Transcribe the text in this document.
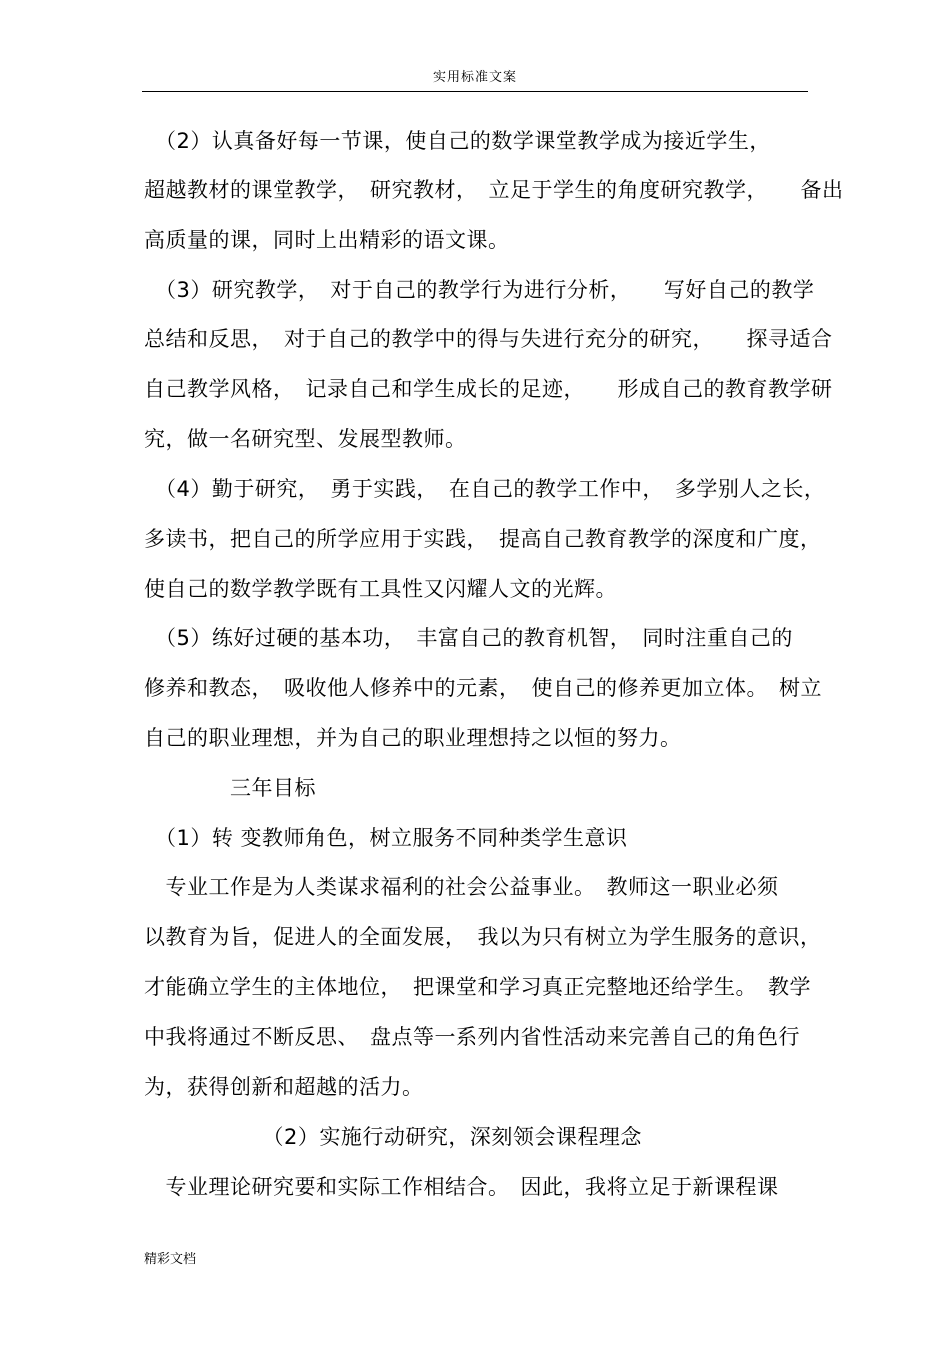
实用标准文案
　（2）认真备好每一节课，使自己的数学课堂教学成为接近学生，
超越教材的课堂教学，　研究教材，　立足于学生的角度研究教学，　　备出
高质量的课，同时上出精彩的语文课。
　（3）研究教学，　对于自己的教学行为进行分析，　　写好自己的教学
总结和反思，　对于自己的教学中的得与失进行充分的研究，　　探寻适合
自己教学风格，　记录自己和学生成长的足迹，　　形成自己的教育教学研
究，做一名研究型、发展型教师。
　（4）勤于研究，　勇于实践，　在自己的教学工作中，　多学别人之长，
多读书，把自己的所学应用于实践，　提高自己教育教学的深度和广度，
使自己的数学教学既有工具性又闪耀人文的光辉。
　（5）练好过硬的基本功，　丰富自己的教育机智，　同时注重自己的
修养和教态，　吸收他人修养中的元素，　使自己的修养更加立体。　树立
自己的职业理想，并为自己的职业理想持之以恒的努力。
　　　　三年目标
　（1）转 变教师角色，树立服务不同种类学生意识
　专业工作是为人类谋求福利的社会公益事业。　教师这一职业必须
以教育为旨，促进人的全面发展，　我以为只有树立为学生服务的意识，
才能确立学生的主体地位，　把课堂和学习真正完整地还给学生。　教学
中我将通过不断反思、　盘点等一系列内省性活动来完善自己的角色行
为，获得创新和超越的活力。
　　　　　　（2）实施行动研究，深刻领会课程理念
　专业理论研究要和实际工作相结合。　因此，我将立足于新课程课
精彩文档
